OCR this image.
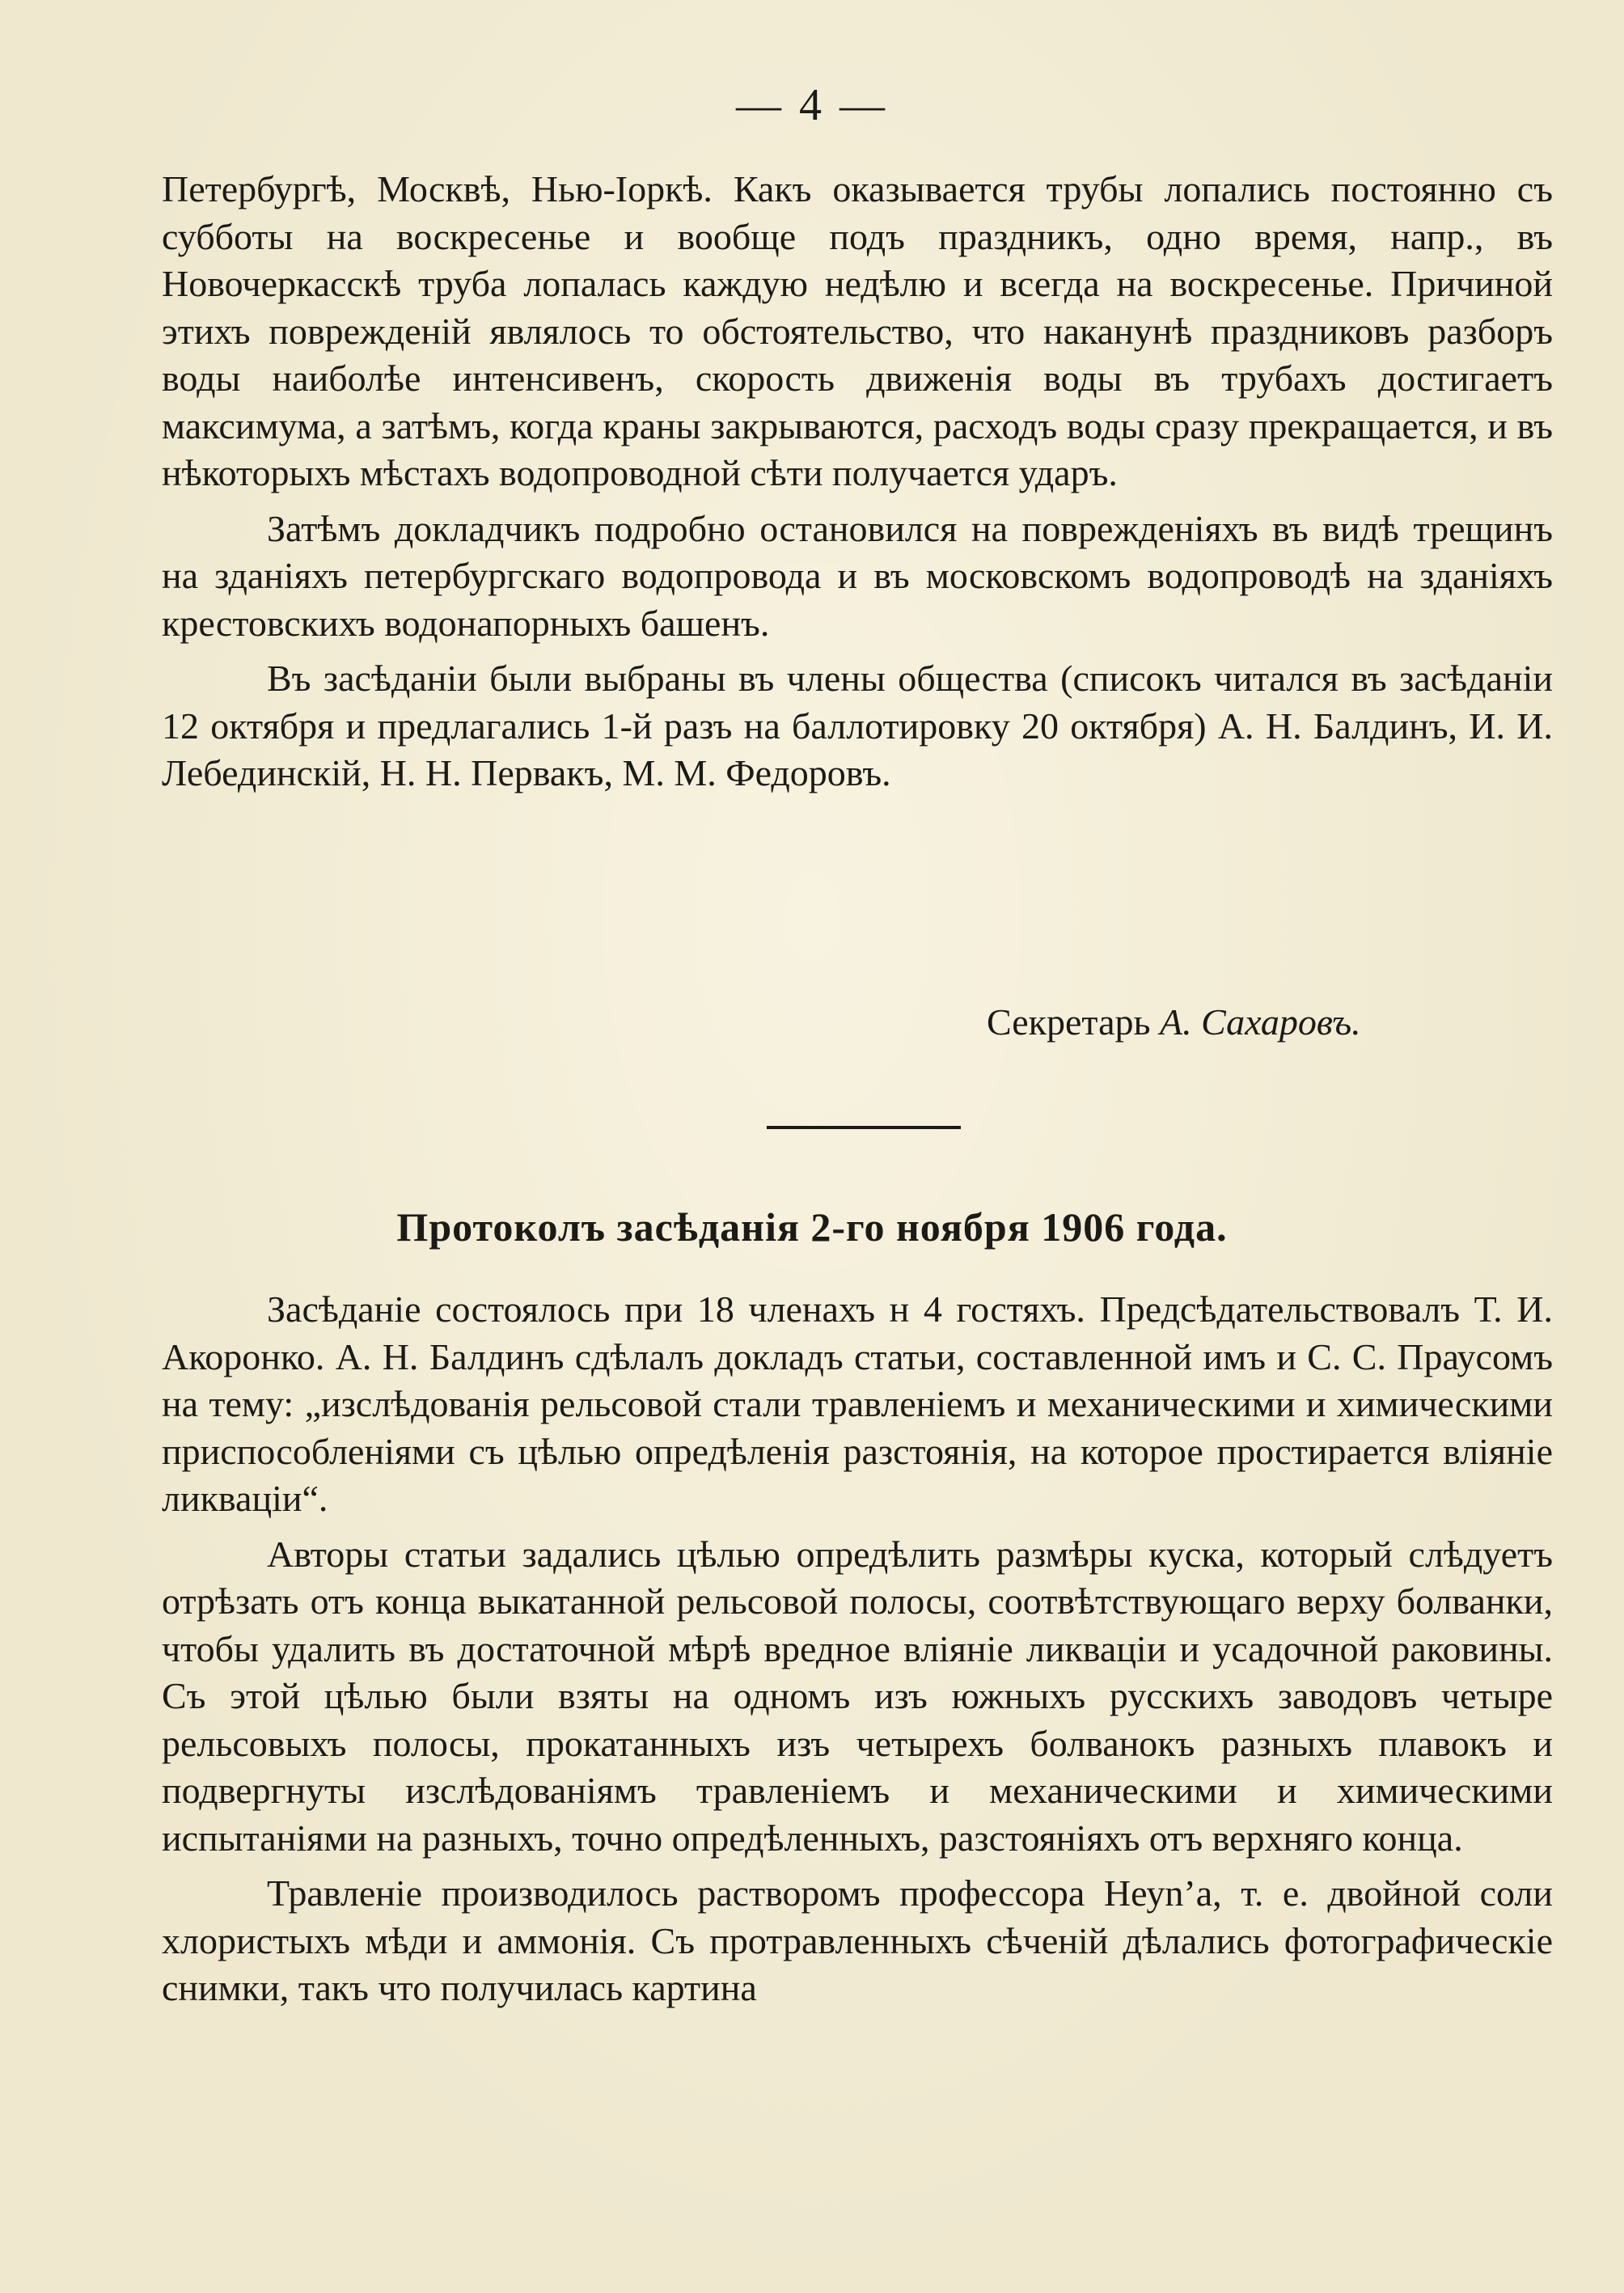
— 4 —

Петербургѣ, Москвѣ, Нью-Іоркѣ. Какъ оказывается трубы лопались постоянно съ субботы на воскресенье и вообще подъ праздникъ, одно время, напр., въ Новочеркасскѣ труба лопалась каждую недѣлю и всегда на воскресенье. Причиной этихъ поврежденій являлось то обстоятельство, что наканунѣ праздниковъ разборъ воды наиболѣе интенсивенъ, скорость движенія воды въ трубахъ достигаетъ максимума, а затѣмъ, когда краны закрываются, расходъ воды сразу прекращается, и въ нѣкоторыхъ мѣстахъ водопроводной сѣти получается ударъ.

Затѣмъ докладчикъ подробно остановился на поврежденіяхъ въ видѣ трещинъ на зданіяхъ петербургскаго водопровода и въ московскомъ водопроводѣ на зданіяхъ крестовскихъ водонапорныхъ башенъ.

Въ засѣданіи были выбраны въ члены общества (списокъ читался въ засѣданіи 12 октября и предлагались 1-й разъ на баллотировку 20 октября) А. Н. Балдинъ, И. И. Лебединскій, Н. Н. Первакъ, М. М. Федоровъ.

Секретарь А. Сахаровъ.
Протоколъ засѣданія 2-го ноября 1906 года.

Засѣданіе состоялось при 18 членахъ н 4 гостяхъ. Предсѣдательствовалъ Т. И. Акоронко. А. Н. Балдинъ сдѣлалъ докладъ статьи, составленной имъ и С. С. Праусомъ на тему: „изслѣдованія рельсовой стали травленіемъ и механическими и химическими приспособленіями съ цѣлью опредѣленія разстоянія, на которое простирается вліяніе ликваціи“.

Авторы статьи задались цѣлью опредѣлить размѣры куска, который слѣдуетъ отрѣзать отъ конца выкатанной рельсовой полосы, соотвѣтствующаго верху болванки, чтобы удалить въ достаточной мѣрѣ вредное вліяніе ликваціи и усадочной раковины. Съ этой цѣлью были взяты на одномъ изъ южныхъ русскихъ заводовъ четыре рельсовыхъ полосы, прокатанныхъ изъ четырехъ болванокъ разныхъ плавокъ и подвергнуты изслѣдованіямъ травленіемъ и механическими и химическими испытаніями на разныхъ, точно опредѣленныхъ, разстояніяхъ отъ верхняго конца.

Травленіе производилось растворомъ профессора Неуn’а, т. е. двойной соли хлористыхъ мѣди и аммонія. Съ протравленныхъ сѣченій дѣлались фотографическіе снимки, такъ что получилась картина
